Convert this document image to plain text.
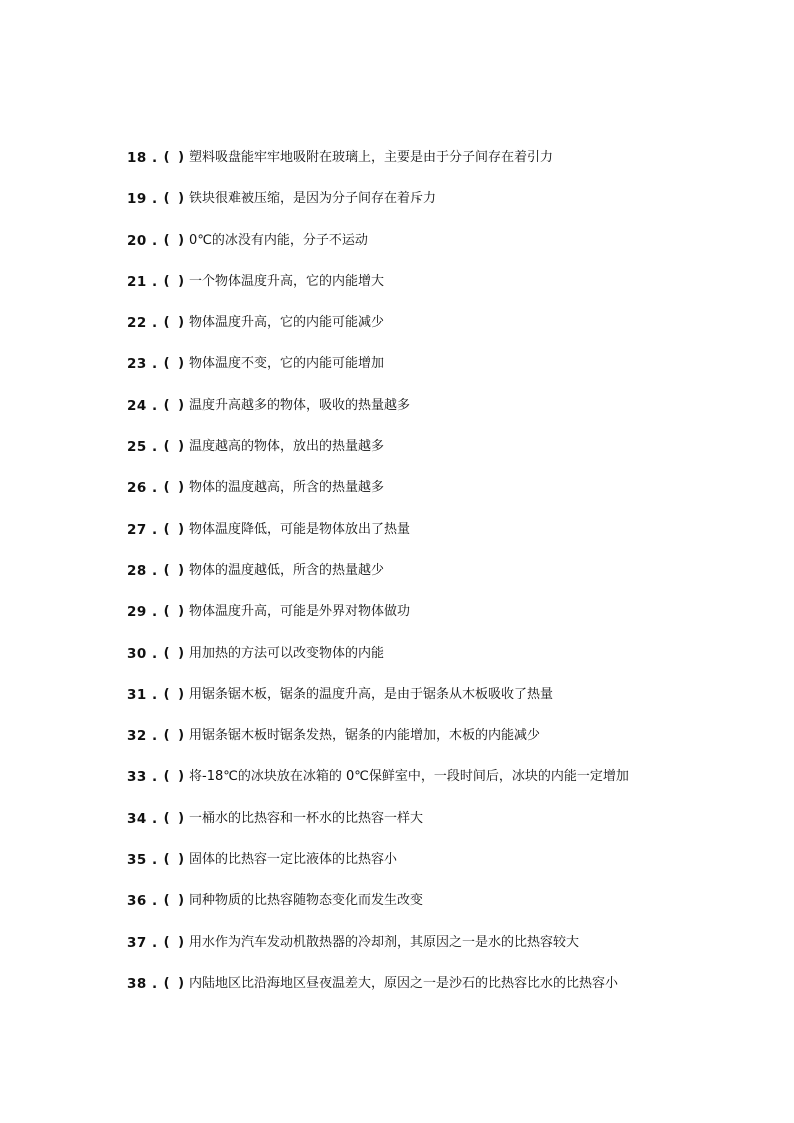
18 . ( ) 塑料吸盘能牢牢地吸附在玻璃上，主要是由于分子间存在着引力
19 . ( ) 铁块很难被压缩，是因为分子间存在着斥力
20 . ( ) 0℃的冰没有内能，分子不运动
21 . ( ) 一个物体温度升高，它的内能增大
22 . ( ) 物体温度升高，它的内能可能减少
23 . ( ) 物体温度不变，它的内能可能增加
24 . ( ) 温度升高越多的物体，吸收的热量越多
25 . ( ) 温度越高的物体，放出的热量越多
26 . ( ) 物体的温度越高，所含的热量越多
27 . ( ) 物体温度降低，可能是物体放出了热量
28 . ( ) 物体的温度越低，所含的热量越少
29 . ( ) 物体温度升高，可能是外界对物体做功
30 . ( ) 用加热的方法可以改变物体的内能
31 . ( ) 用锯条锯木板，锯条的温度升高，是由于锯条从木板吸收了热量
32 . ( ) 用锯条锯木板时锯条发热，锯条的内能增加，木板的内能减少
33 . ( ) 将-18℃的冰块放在冰箱的 0℃保鲜室中，一段时间后，冰块的内能一定增加
34 . ( ) 一桶水的比热容和一杯水的比热容一样大
35 . ( ) 固体的比热容一定比液体的比热容小
36 . ( ) 同种物质的比热容随物态变化而发生改变
37 . ( ) 用水作为汽车发动机散热器的冷却剂，其原因之一是水的比热容较大
38 . ( ) 内陆地区比沿海地区昼夜温差大，原因之一是沙石的比热容比水的比热容小
